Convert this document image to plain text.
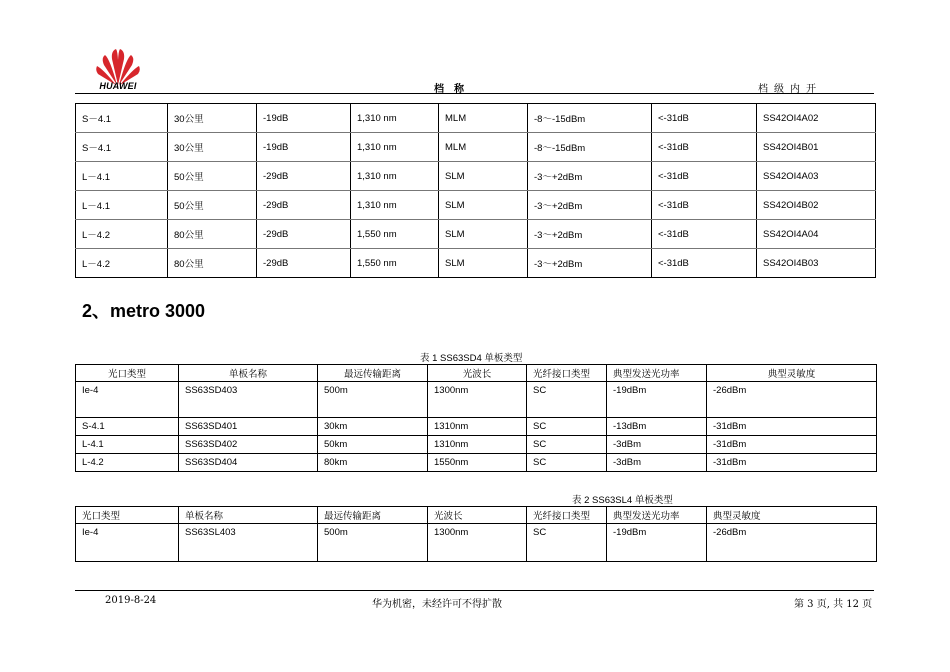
HUAWEI	档　称	档级内开
S－4.1	30公里	-19dB	1,310 nm	MLM	-8～-15dBm	<-31dB	SS42OI4A02
S－4.1	30公里	-19dB	1,310 nm	MLM	-8～-15dBm	<-31dB	SS42OI4B01
L－4.1	50公里	-29dB	1,310 nm	SLM	-3～+2dBm	<-31dB	SS42OI4A03
L－4.1	50公里	-29dB	1,310 nm	SLM	-3～+2dBm	<-31dB	SS42OI4B02
L－4.2	80公里	-29dB	1,550 nm	SLM	-3～+2dBm	<-31dB	SS42OI4A04
L－4.2	80公里	-29dB	1,550 nm	SLM	-3～+2dBm	<-31dB	SS42OI4B03
2、metro 3000
表 1 SS63SD4 单板类型
光口类型	单板名称	最远传输距离	光波长	光纤接口类型	典型发送光功率	典型灵敏度
Ie-4	SS63SD403	500m	1300nm	SC	-19dBm	-26dBm
S-4.1	SS63SD401	30km	1310nm	SC	-13dBm	-31dBm
L-4.1	SS63SD402	50km	1310nm	SC	-3dBm	-31dBm
L-4.2	SS63SD404	80km	1550nm	SC	-3dBm	-31dBm
表 2 SS63SL4 单板类型
光口类型	单板名称	最远传输距离	光波长	光纤接口类型	典型发送光功率	典型灵敏度
Ie-4	SS63SL403	500m	1300nm	SC	-19dBm	-26dBm
2019-8-24	华为机密，未经许可不得扩散	第 3 页, 共 12 页
